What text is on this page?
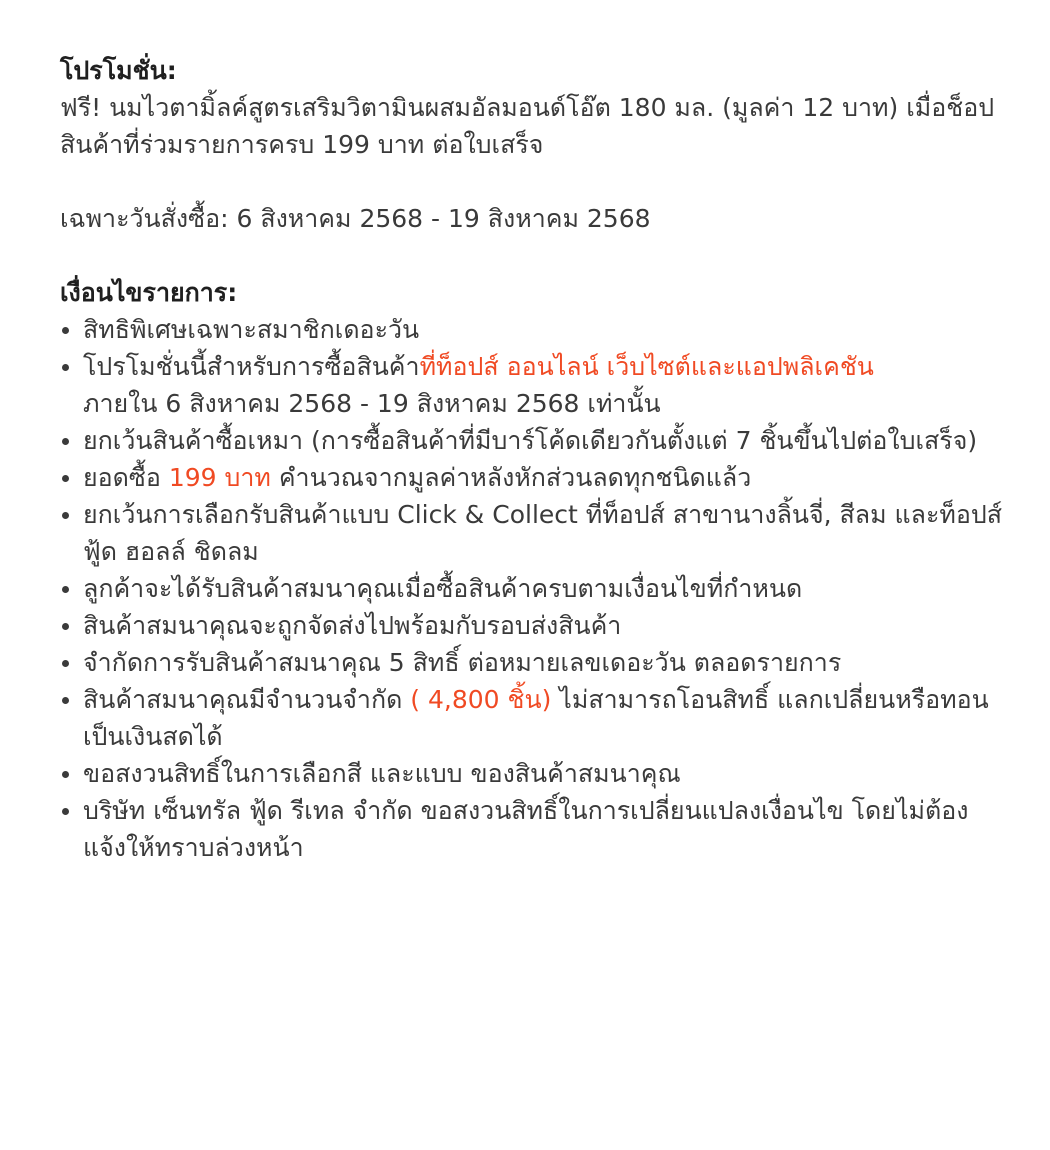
โปรโมชั่น:

ฟรี! นมไวตามิ้ลค์สูตรเสริมวิตามินผสมอัลมอนด์โอ๊ต 180 มล. (มูลค่า 12 บาท) เมื่อช็อปสินค้าที่ร่วมรายการครบ 199 บาท ต่อใบเสร็จ

เฉพาะวันสั่งซื้อ: 6 สิงหาคม 2568 - 19 สิงหาคม 2568

เงื่อนไขรายการ:

สิทธิพิเศษเฉพาะสมาชิกเดอะวัน
โปรโมชั่นนี้สำหรับการซื้อสินค้าที่ท็อปส์ ออนไลน์ เว็บไซต์และแอปพลิเคชัน
ภายใน 6 สิงหาคม 2568 - 19 สิงหาคม 2568 เท่านั้น
ยกเว้นสินค้าซื้อเหมา (การซื้อสินค้าที่มีบาร์โค้ดเดียวกันตั้งแต่ 7 ชิ้นขึ้นไปต่อใบเสร็จ)
ยอดซื้อ 199 บาท คำนวณจากมูลค่าหลังหักส่วนลดทุกชนิดแล้ว
ยกเว้นการเลือกรับสินค้าแบบ Click & Collect ที่ท็อปส์ สาขานางลิ้นจี่, สีลม และท็อปส์ ฟู้ด ฮอลล์ ชิดลม
ลูกค้าจะได้รับสินค้าสมนาคุณเมื่อซื้อสินค้าครบตามเงื่อนไขที่กำหนด
สินค้าสมนาคุณจะถูกจัดส่งไปพร้อมกับรอบส่งสินค้า
จำกัดการรับสินค้าสมนาคุณ 5 สิทธิ์ ต่อหมายเลขเดอะวัน ตลอดรายการ
สินค้าสมนาคุณมีจำนวนจำกัด ( 4,800 ชิ้น) ไม่สามารถโอนสิทธิ์ แลกเปลี่ยนหรือทอนเป็นเงินสดได้
ขอสงวนสิทธิ์ในการเลือกสี และแบบ ของสินค้าสมนาคุณ
บริษัท เซ็นทรัล ฟู้ด รีเทล จำกัด ขอสงวนสิทธิ์ในการเปลี่ยนแปลงเงื่อนไข โดยไม่ต้องแจ้งให้ทราบล่วงหน้า
